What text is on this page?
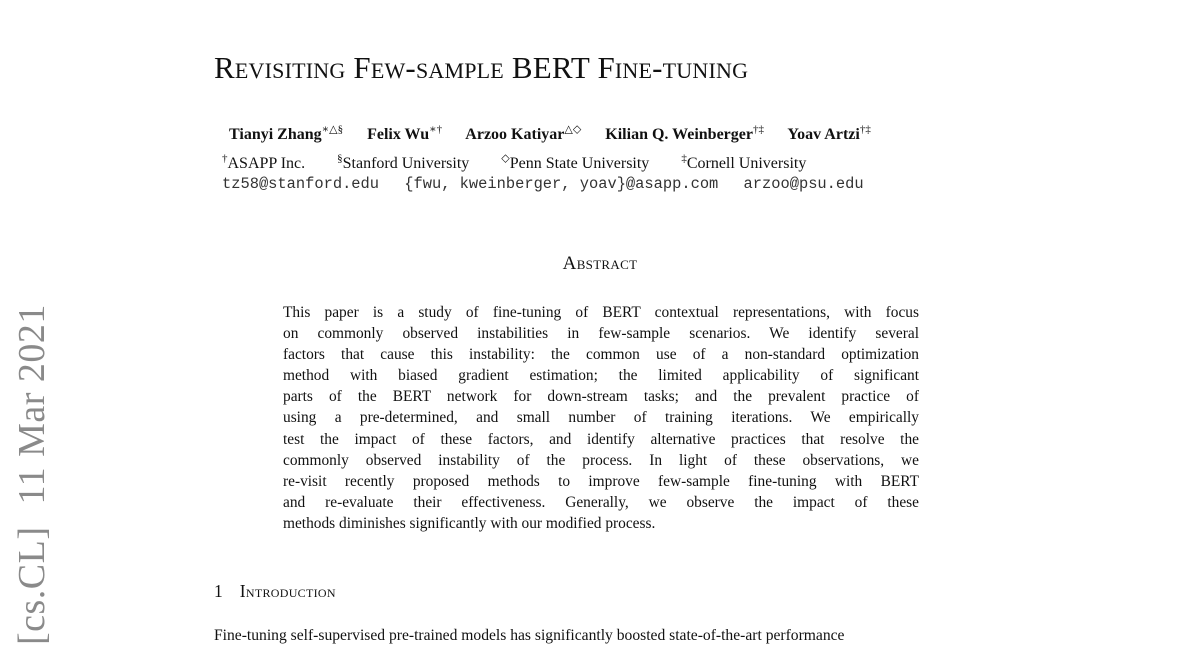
[cs.CL]11 Mar 2021
Revisiting Few-sample BERT Fine-tuning
Tianyi Zhang∗△§ Felix Wu∗† Arzoo Katiyar△◇ Kilian Q. Weinberger†‡ Yoav Artzi†‡
†ASAPP Inc.	§Stanford University	◇Penn State University	‡Cornell University
tz58@stanford.edu {fwu, kweinberger, yoav}@asapp.com arzoo@psu.edu
Abstract
This paper is a study of fine-tuning of BERT contextual representations, with focus
on commonly observed instabilities in few-sample scenarios. We identify several
factors that cause this instability: the common use of a non-standard optimization
method with biased gradient estimation; the limited applicability of significant
parts of the BERT network for down-stream tasks; and the prevalent practice of
using a pre-determined, and small number of training iterations. We empirically
test the impact of these factors, and identify alternative practices that resolve the
commonly observed instability of the process. In light of these observations, we
re-visit recently proposed methods to improve few-sample fine-tuning with BERT
and re-evaluate their effectiveness. Generally, we observe the impact of these
methods diminishes significantly with our modified process.
1 Introduction
Fine-tuning self-supervised pre-trained models has significantly boosted state-of-the-art performance
